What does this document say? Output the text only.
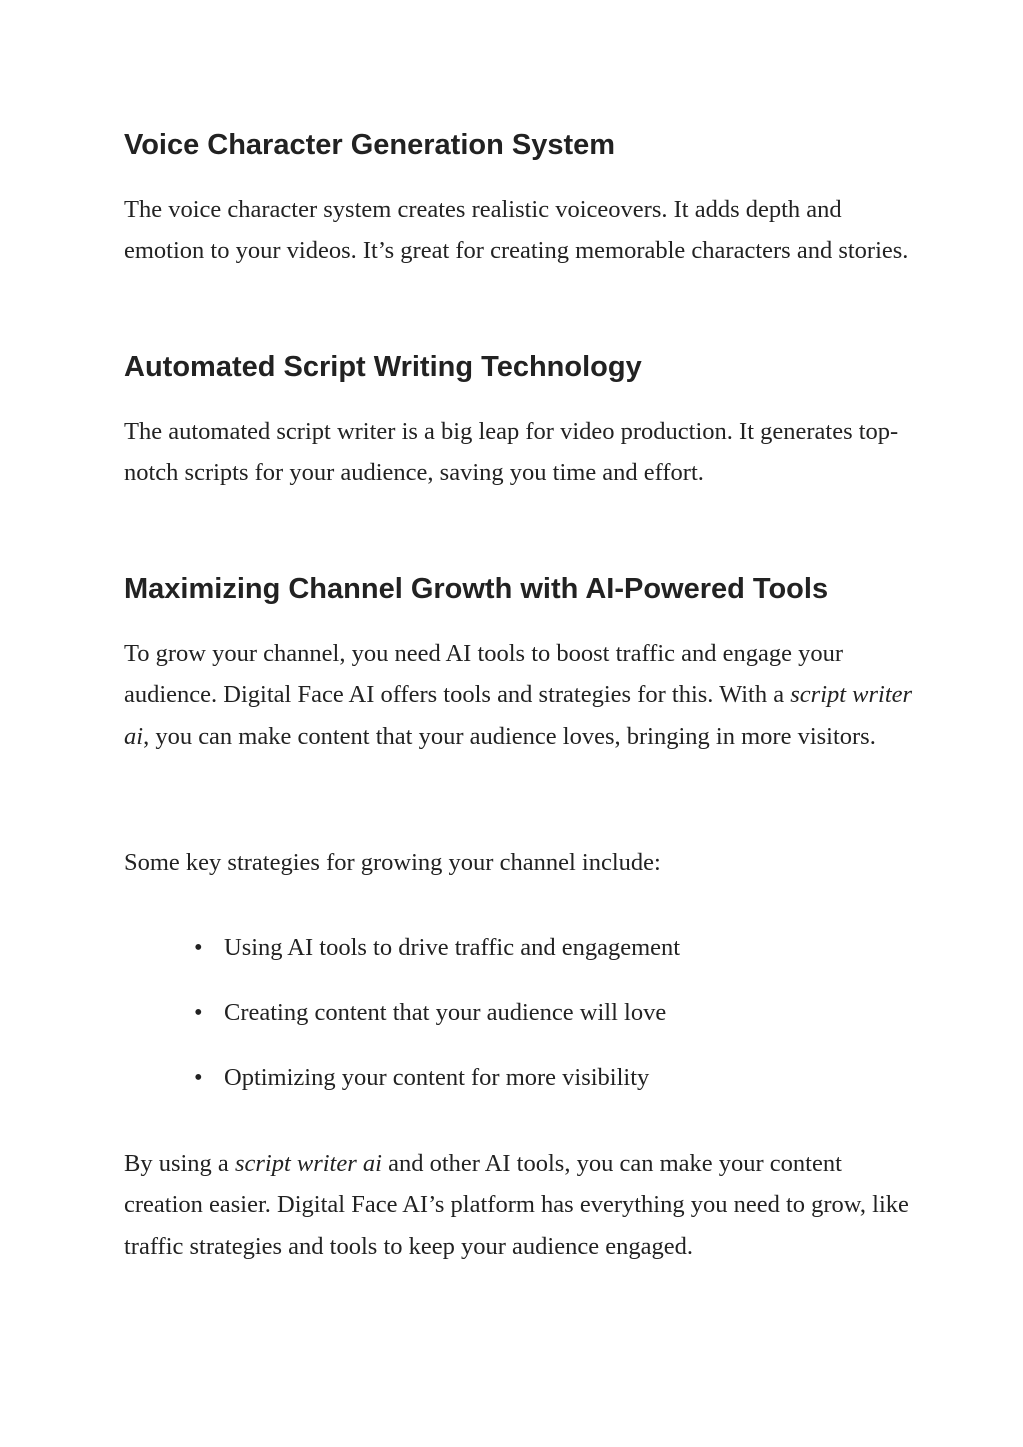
Voice Character Generation System

The voice character system creates realistic voiceovers. It adds depth and emotion to your videos. It’s great for creating memorable characters and stories.

Automated Script Writing Technology

The automated script writer is a big leap for video production. It generates top-notch scripts for your audience, saving you time and effort.

Maximizing Channel Growth with AI-Powered Tools

To grow your channel, you need AI tools to boost traffic and engage your audience. Digital Face AI offers tools and strategies for this. With a script writer ai, you can make content that your audience loves, bringing in more visitors.

Some key strategies for growing your channel include:

• Using AI tools to drive traffic and engagement
• Creating content that your audience will love
• Optimizing your content for more visibility

By using a script writer ai and other AI tools, you can make your content creation easier. Digital Face AI’s platform has everything you need to grow, like traffic strategies and tools to keep your audience engaged.
